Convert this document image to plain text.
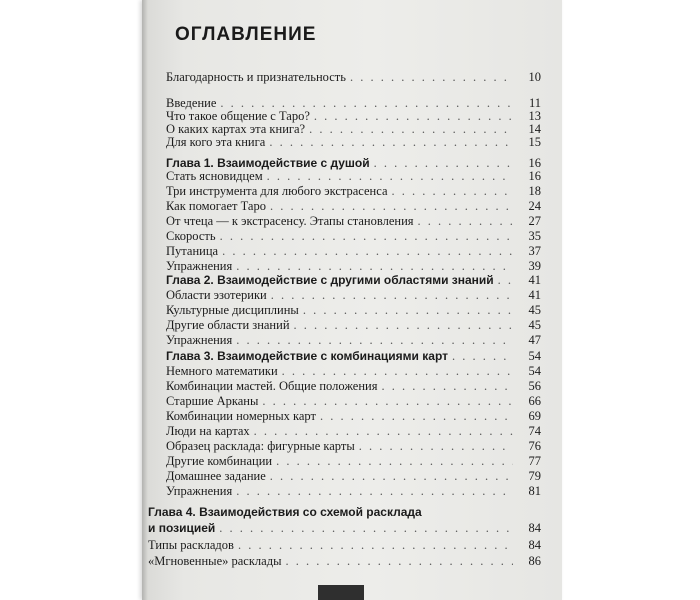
ОГЛАВЛЕНИЕ
Благодарность и признательность . . .	10
Введение . . .	11
Что такое общение с Таро? . . .	13
О каких картах эта книга? . . .	14
Для кого эта книга . . .	15
Глава 1. Взаимодействие с душой . . .	16
Стать ясновидцем . . .	16
Три инструмента для любого экстрасенса . . .	18
Как помогает Таро . . .	24
От чтеца — к экстрасенсу. Этапы становления . . .	27
Скорость . . .	35
Путаница . . .	37
Упражнения . . .	39
Глава 2. Взаимодействие с другими областями знаний . . .	41
Области эзотерики . . .	41
Культурные дисциплины . . .	45
Другие области знаний . . .	45
Упражнения . . .	47
Глава 3. Взаимодействие с комбинациями карт . . .	54
Немного математики . . .	54
Комбинации мастей. Общие положения . . .	56
Старшие Арканы . . .	66
Комбинации номерных карт . . .	69
Люди на картах . . .	74
Образец расклада: фигурные карты . . .	76
Другие комбинации . . .	77
Домашнее задание . . .	79
Упражнения . . .	81
Глава 4. Взаимодействия со схемой расклада
и позицией . . .	84
Типы раскладов . . .	84
«Мгновенные» расклады . . .	86
